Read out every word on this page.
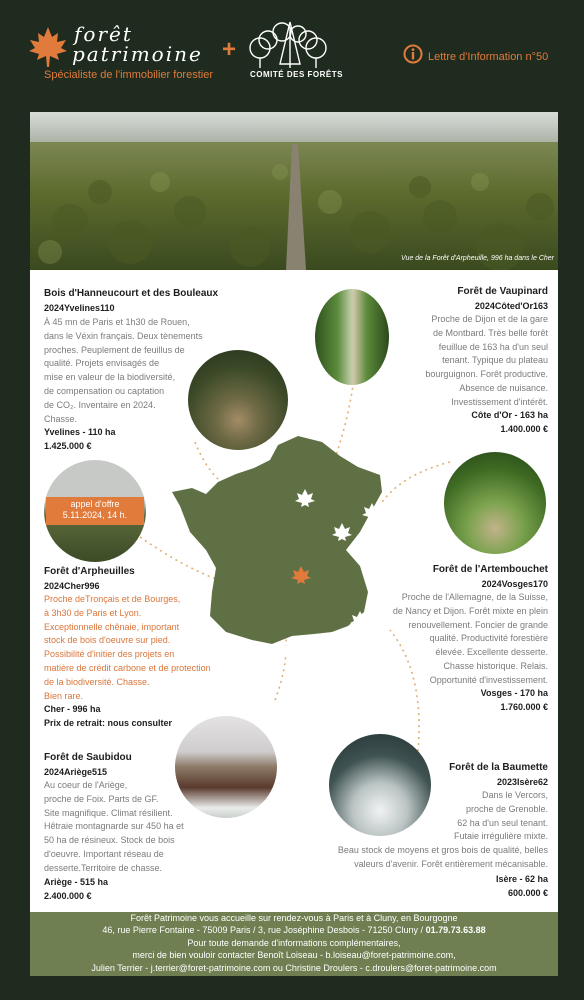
forêt
patrimoine
Spécialiste de l'immobilier forestier
+
COMITÉ DES FORÊTS
Lettre d'Information n°50
Vue de la Forêt d'Arpheuille, 996 ha dans le Cher
appel d'offre
5.11.2024, 14 h.
Bois d'Hanneucourt et des Bouleaux
2024Yvelines110
À 45 mn de Paris et 1h30 de Rouen,
dans le Véxin français. Deux tènements
proches. Peuplement de feuillus de
qualité. Projets envisagés de
mise en valeur de la biodiversité,
de compensation ou captation
de CO₂. Inventaire en 2024.
Chasse.
Yvelines - 110 ha
1.425.000 €
Forêt de Vaupinard
2024Côted'Or163
Proche de Dijon et de la gare
de Montbard. Très belle forêt
feuillue de 163 ha d'un seul
tenant. Typique du plateau
bourguignon. Forêt productive.
Absence de nuisance.
Investissement d'intérêt.
Côte d'Or - 163 ha
1.400.000 €
Forêt d'Arpheuilles
2024Cher996
Proche deTronçais et de Bourges,
à 3h30 de Paris et Lyon.
Exceptionnelle chênaie, important
stock de bois d'oeuvre sur pied.
Possibilité d'initier des projets en
matière de crédit carbone et de protection
de la biodiversité. Chasse.
Bien rare.
Cher - 996 ha
Prix de retrait: nous consulter
Forêt de l'Artembouchet
2024Vosges170
Proche de l'Allemagne, de la Suisse,
de Nancy et Dijon. Forêt mixte en plein
renouvellement. Foncier de grande
qualité. Productivité forestière
élevée. Excellente desserte.
Chasse historique. Relais.
Opportunité d'investissement.
Vosges - 170 ha
1.760.000 €
Forêt de Saubidou
2024Ariège515
Au coeur de l'Ariège,
proche de Foix. Parts de GF.
Site magnifique. Climat résilient.
Hêtraie montagnarde sur 450 ha et
50 ha de résineux. Stock de bois
d'oeuvre. Important réseau de
desserte.Territoire de chasse.
Ariège - 515 ha
2.400.000 €
Forêt de la Baumette
2023Isère62
Dans le Vercors,
proche de Grenoble.
62 ha d'un seul tenant.
Futaie irrégulière mixte.
Beau stock de moyens et gros bois de qualité, belles
valeurs d'avenir. Forêt entièrement mécanisable.
Isère - 62 ha
600.000 €
Forêt Patrimoine vous accueille sur rendez-vous à Paris et à Cluny, en Bourgogne
46, rue Pierre Fontaine - 75009 Paris / 3, rue Joséphine Desbois - 71250 Cluny / 01.79.73.63.88
Pour toute demande d'informations complémentaires,
merci de bien vouloir contacter Benoît Loiseau - b.loiseau@foret-patrimoine.com,
Julien Terrier - j.terrier@foret-patrimoine.com ou Christine Droulers - c.droulers@foret-patrimoine.com
